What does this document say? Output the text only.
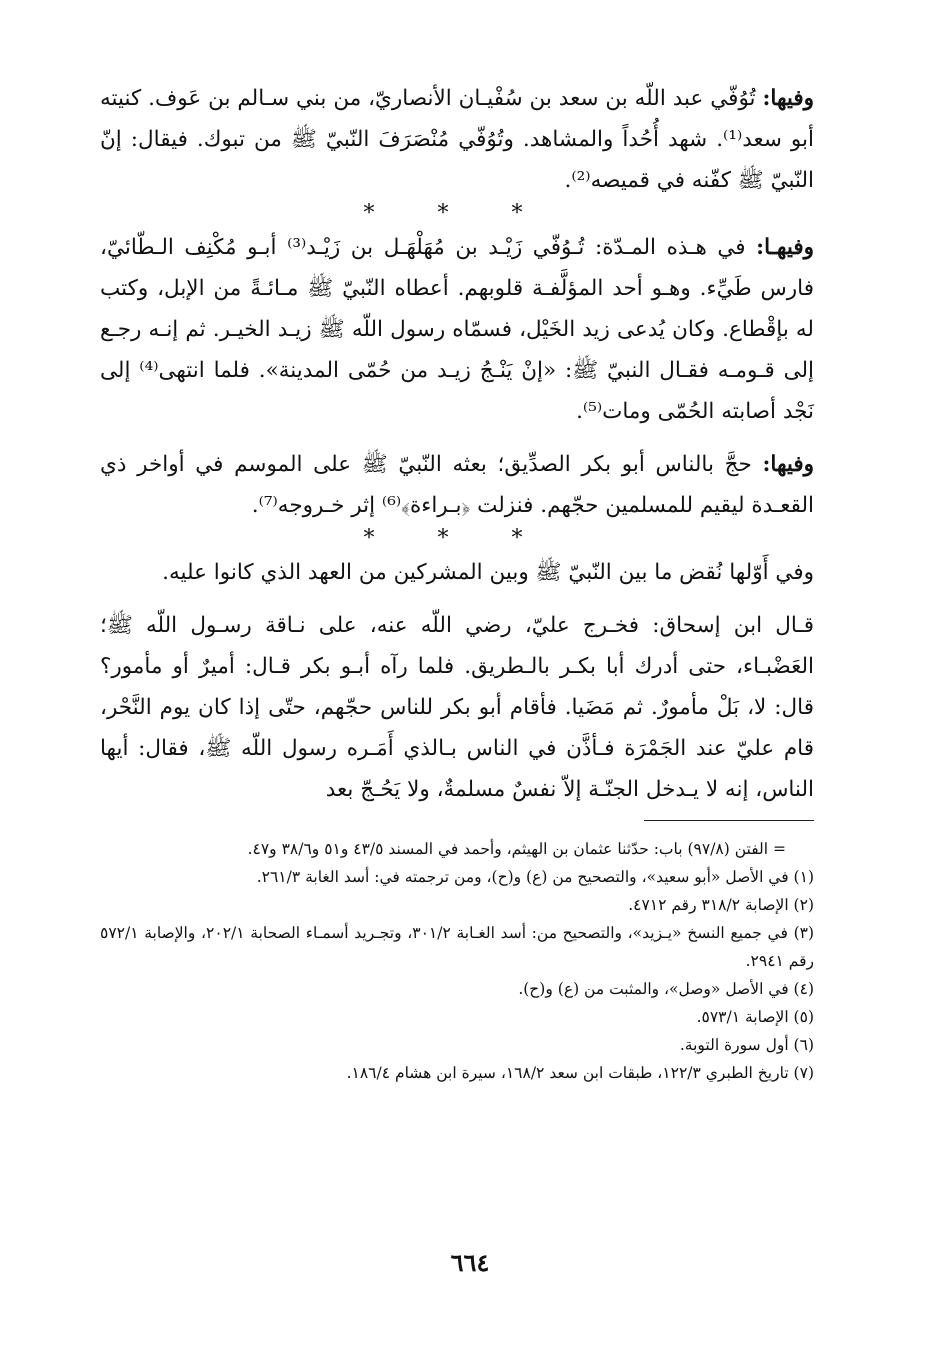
وفيها: تُوُفّي عبد اللّه بن سعد بن سُفْيـان الأنصاريّ، من بني سـالم بن عَوف. كنيته أبو سعد⁽¹⁾. شهد أُحُداً والمشاهد. وتُوُفّي مُنْصَرَفَ النّبيّ ﷺ من تبوك. فيقال: إنّ النّبيّ ﷺ كفّنه في قميصه⁽²⁾.

* * *

وفيهـا: في هـذه المـدّة: تُـوُفّي زَيْـد بن مُهَلْهَـل بن زَيْـد⁽³⁾ أبـو مُكْنِف الـطّائيّ، فارس طَيِّء. وهـو أحد المؤلَّفـة قلوبهم. أعطاه النّبيّ ﷺ مـائـةً من الإبل، وكتب له بإقْطاع. وكان يُدعى زيد الخَيْل، فسمّاه رسول اللّه ﷺ زيـد الخيـر. ثم إنـه رجـع إلى قـومـه فقـال النبيّ ﷺ: «إنْ يَنْـجُ زيـد من حُمّى المدينة». فلما انتهى⁽⁴⁾ إلى نَجْد أصابته الحُمّى ومات⁽⁵⁾.

وفيها: حجَّ بالناس أبو بكر الصدِّيق؛ بعثه النّبيّ ﷺ على الموسم في أواخر ذي القعـدة ليقيم للمسلمين حجّهم. فنزلت ﴿بـراءة﴾⁽⁶⁾ إثر خـروجه⁽⁷⁾.

* * *

وفي أَوّلها نُقض ما بين النّبيّ ﷺ وبين المشركين من العهد الذي كانوا عليه.

قـال ابن إسحاق: فخـرج عليّ، رضي اللّه عنه، على نـاقة رسـول اللّه ﷺ؛ العَضْبـاء، حتى أدرك أبا بكـر بالـطريق. فلما رآه أبـو بكر قـال: أميرٌ أو مأمور؟ قال: لا، بَلْ مأمورٌ. ثم مَضَيا. فأقام أبو بكر للناس حجّهم، حتّى إذا كان يوم النَّحْر، قام عليّ عند الجَمْرَة فـأذَّن في الناس بـالذي أَمَـره رسول اللّه ﷺ، فقال: أيها الناس، إنه لا يـدخل الجنّـة إلاّ نفسٌ مسلمةٌ، ولا يَحُـجّ بعد

= الفتن (٩٧/٨) باب: حدّثنا عثمان بن الهيثم، وأحمد في المسند ٤٣/٥ و٥١ و٣٨/٦ و٤٧.

(١) في الأصل «أبو سعيد»، والتصحيح من (ع) و(ح)، ومن ترجمته في: أسد الغابة ٢٦١/٣.

(٢) الإصابة ٣١٨/٢ رقم ٤٧١٢.

(٣) في جميع النسخ «يـزيد»، والتصحيح من: أسد الغـابة ٣٠١/٢، وتجـريد أسمـاء الصحابة ٢٠٢/١، والإصابة ٥٧٢/١ رقم ٢٩٤١.

(٤) في الأصل «وصل»، والمثبت من (ع) و(ح).

(٥) الإصابة ٥٧٣/١.

(٦) أول سورة التوبة.

(٧) تاريخ الطبري ١٢٢/٣، طبقات ابن سعد ١٦٨/٢، سيرة ابن هشام ١٨٦/٤.

٦٦٤
